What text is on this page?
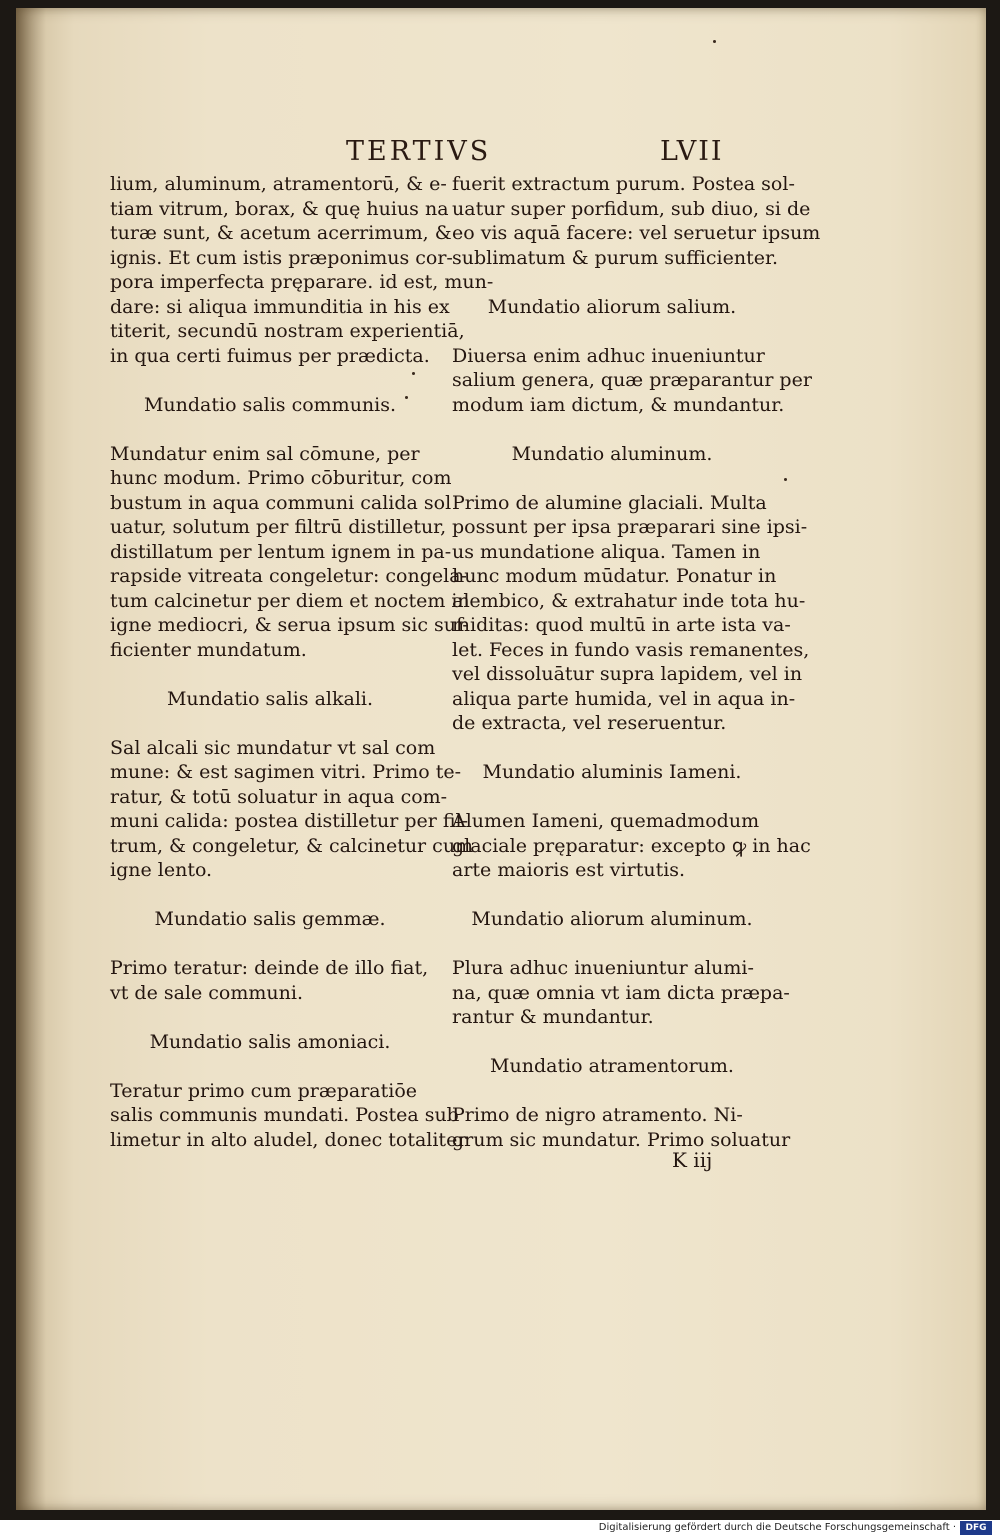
TERTIVS	LVII
lium, aluminum, atramentorū, & e-
tiam vitrum, borax, & quę huius na
turæ sunt, & acetum acerrimum, &
ignis. Et cum istis præponimus cor-
pora imperfecta pręparare. id est, mun-
dare: si aliqua immunditia in his ex
titerit, secundū nostram experientiā,
in qua certi fuimus per prædicta.
Mundatio salis communis.
Mundatur enim sal cōmune, per
hunc modum. Primo cōburitur, com
bustum in aqua communi calida sol
uatur, solutum per filtrū distilletur,
distillatum per lentum ignem in pa-
rapside vitreata congeletur: congela-
tum calcinetur per diem et noctem in
igne mediocri, & serua ipsum sic suf-
ficienter mundatum.
Mundatio salis alkali.
Sal alcali sic mundatur vt sal com
mune: & est sagimen vitri. Primo te-
ratur, & totū soluatur in aqua com-
muni calida: postea distilletur per fil-
trum, & congeletur, & calcinetur cum
igne lento.
Mundatio salis gemmæ.
Primo teratur: deinde de illo fiat,
vt de sale communi.
Mundatio salis amoniaci.
Teratur primo cum præparatiōe
salis communis mundati. Postea sub
limetur in alto aludel, donec totaliter
fuerit extractum purum. Postea sol-
uatur super porfidum, sub diuo, si de
eo vis aquā facere: vel seruetur ipsum
sublimatum & purum sufficienter.
Mundatio aliorum salium.
Diuersa enim adhuc inueniuntur
salium genera, quæ præparantur per
modum iam dictum, & mundantur.
Mundatio aluminum.
Primo de alumine glaciali. Multa
possunt per ipsa præparari sine ipsi-
us mundatione aliqua. Tamen in
hunc modum mūdatur. Ponatur in
alembico, & extrahatur inde tota hu-
miditas: quod multū in arte ista va-
let. Feces in fundo vasis remanentes,
vel dissoluātur supra lapidem, vel in
aliqua parte humida, vel in aqua in-
de extracta, vel reseruentur.
Mundatio aluminis Iameni.
Alumen Iameni, quemadmodum
glaciale pręparatur: excepto ꝙ in hac
arte maioris est virtutis.
Mundatio aliorum aluminum.
Plura adhuc inueniuntur alumi-
na, quæ omnia vt iam dicta præpa-
rantur & mundantur.
Mundatio atramentorum.
Primo de nigro atramento. Ni-
grum sic mundatur. Primo soluatur
K iij
Digitalisierung gefördert durch die Deutsche Forschungsgemeinschaft ·	DFG
